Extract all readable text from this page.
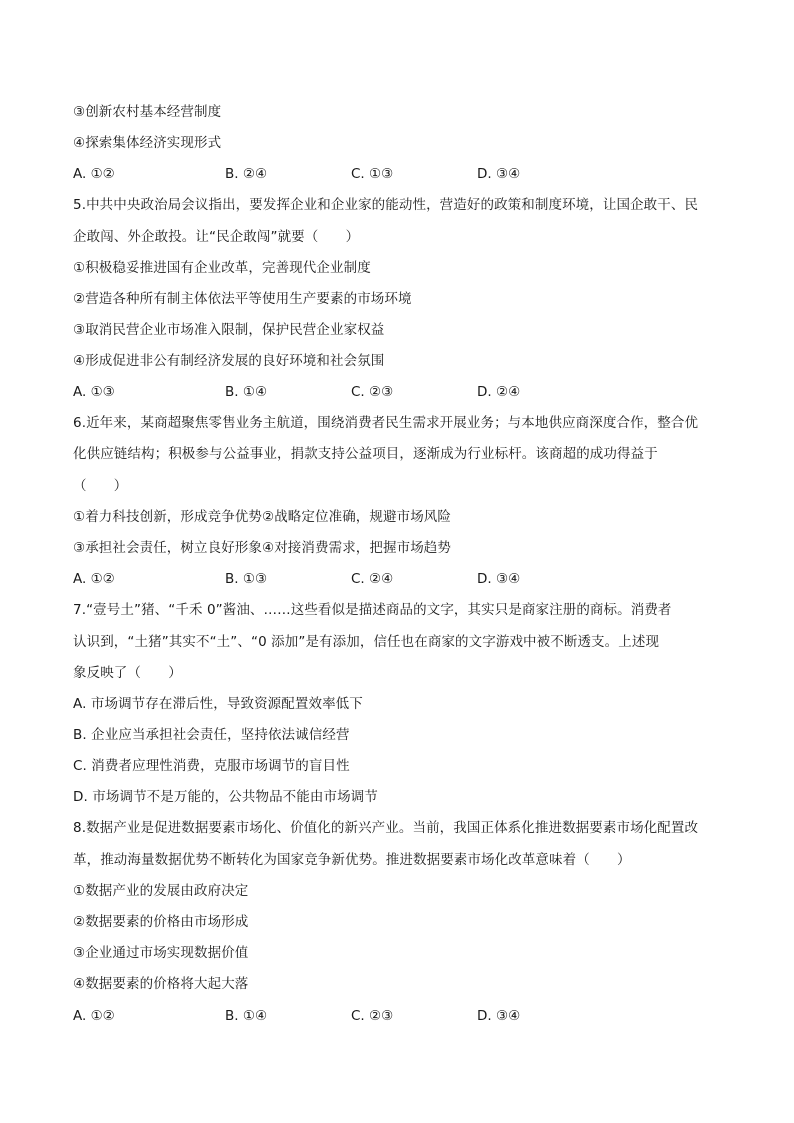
③创新农村基本经营制度
④探索集体经济实现形式
A. ①②	B. ②④	C. ①③	D. ③④
5.中共中央政治局会议指出，要发挥企业和企业家的能动性，营造好的政策和制度环境，让国企敢干、民
企敢闯、外企敢投。让“民企敢闯”就要（　　）
①积极稳妥推进国有企业改革，完善现代企业制度
②营造各种所有制主体依法平等使用生产要素的市场环境
③取消民营企业市场准入限制，保护民营企业家权益
④形成促进非公有制经济发展的良好环境和社会氛围
A. ①③	B. ①④	C. ②③	D. ②④
6.近年来，某商超聚焦零售业务主航道，围绕消费者民生需求开展业务；与本地供应商深度合作，整合优
化供应链结构；积极参与公益事业，捐款支持公益项目，逐渐成为行业标杆。该商超的成功得益于
（　　）
①着力科技创新，形成竞争优势②战略定位准确，规避市场风险
③承担社会责任，树立良好形象④对接消费需求，把握市场趋势
A. ①②	B. ①③	C. ②④	D. ③④
7.“壹号土”猪、“千禾 0”酱油、……这些看似是描述商品的文字，其实只是商家注册的商标。消费者
认识到，“土猪”其实不“土”、“0 添加”是有添加，信任也在商家的文字游戏中被不断透支。上述现
象反映了（　　）
A. 市场调节存在滞后性，导致资源配置效率低下
B. 企业应当承担社会责任，坚持依法诚信经营
C. 消费者应理性消费，克服市场调节的盲目性
D. 市场调节不是万能的，公共物品不能由市场调节
8.数据产业是促进数据要素市场化、价值化的新兴产业。当前，我国正体系化推进数据要素市场化配置改
革，推动海量数据优势不断转化为国家竞争新优势。推进数据要素市场化改革意味着（　　）
①数据产业的发展由政府决定
②数据要素的价格由市场形成
③企业通过市场实现数据价值
④数据要素的价格将大起大落
A. ①②	B. ①④	C. ②③	D. ③④
